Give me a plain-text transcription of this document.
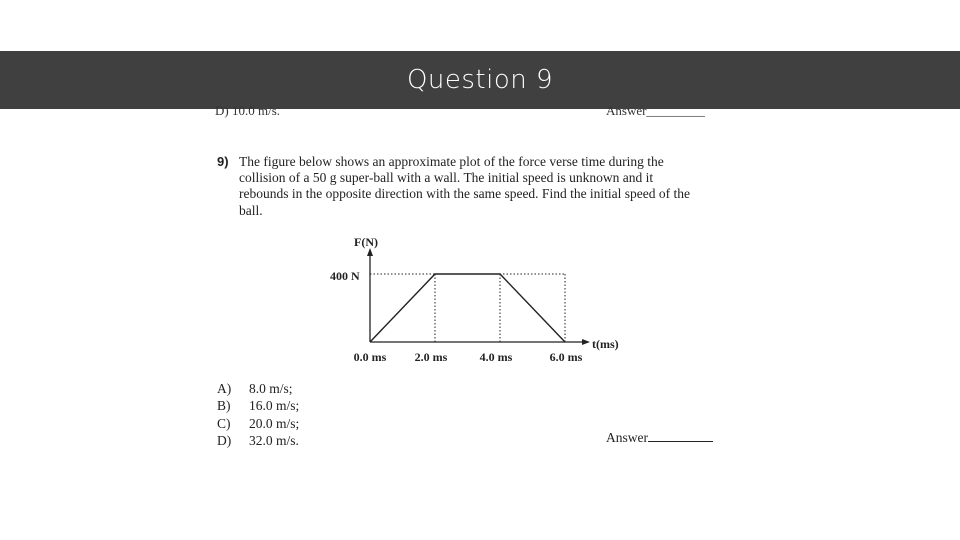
Question 9
D) 10.0 m/s.	Answer_________
9) The figure below shows an approximate plot of the force verse time during the
collision of a 50 g super-ball with a wall. The initial speed is unknown and it
rebounds in the opposite direction with the same speed. Find the initial speed of the
ball.
F(N)
t(ms)
400 N
0.0 ms 2.0 ms	4.0 ms	6.0 ms
A) 8.0 m/s;
B) 16.0 m/s;
C) 20.0 m/s;
D) 32.0 m/s.	Answer
